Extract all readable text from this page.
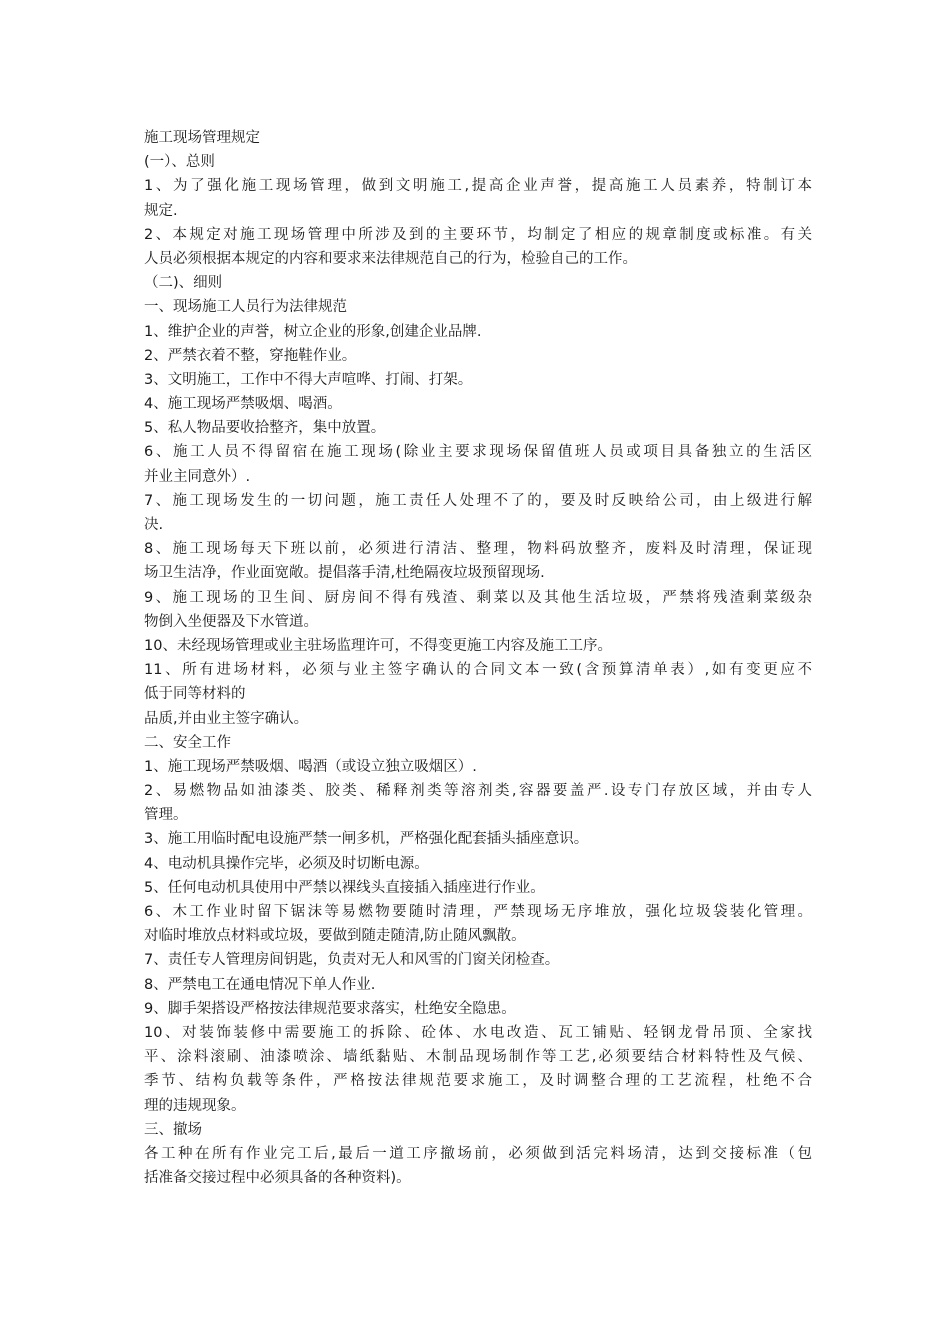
施工现场管理规定
(一）、总则
1、为了强化施工现场管理，做到文明施工,提高企业声誉，提高施工人员素养，特制订本
规定.
2、本规定对施工现场管理中所涉及到的主要环节，均制定了相应的规章制度或标准。有关
人员必须根据本规定的内容和要求来法律规范自己的行为，检验自己的工作。
（二)、细则
一、现场施工人员行为法律规范
1、维护企业的声誉，树立企业的形象,创建企业品牌.
2、严禁衣着不整，穿拖鞋作业。
3、文明施工，工作中不得大声喧哗、打闹、打架。
4、施工现场严禁吸烟、喝酒。
5、私人物品要收拾整齐，集中放置。
6、施工人员不得留宿在施工现场(除业主要求现场保留值班人员或项目具备独立的生活区
并业主同意外）.
7、施工现场发生的一切问题，施工责任人处理不了的，要及时反映给公司，由上级进行解
决.
8、施工现场每天下班以前，必须进行清洁、整理，物料码放整齐，废料及时清理，保证现
场卫生洁净，作业面宽敞。提倡落手清,杜绝隔夜垃圾预留现场.
9、施工现场的卫生间、厨房间不得有残渣、剩菜以及其他生活垃圾，严禁将残渣剩菜级杂
物倒入坐便器及下水管道。
10、未经现场管理或业主驻场监理许可，不得变更施工内容及施工工序。
11、所有进场材料，必须与业主签字确认的合同文本一致(含预算清单表）,如有变更应不
低于同等材料的
品质,并由业主签字确认。
二、安全工作
1、施工现场严禁吸烟、喝酒（或设立独立吸烟区）.
2、易燃物品如油漆类、胶类、稀释剂类等溶剂类,容器要盖严.设专门存放区域，并由专人
管理。
3、施工用临时配电设施严禁一闸多机，严格强化配套插头插座意识。
4、电动机具操作完毕，必须及时切断电源。
5、任何电动机具使用中严禁以裸线头直接插入插座进行作业。
6、木工作业时留下锯沫等易燃物要随时清理，严禁现场无序堆放，强化垃圾袋装化管理。
对临时堆放点材料或垃圾，要做到随走随清,防止随风飘散。
7、责任专人管理房间钥匙，负责对无人和风雪的门窗关闭检查。
8、严禁电工在通电情况下单人作业.
9、脚手架搭设严格按法律规范要求落实，杜绝安全隐患。
10、对装饰装修中需要施工的拆除、砼体、水电改造、瓦工铺贴、轻钢龙骨吊顶、全家找
平、涂料滚刷、油漆喷涂、墙纸黏贴、木制品现场制作等工艺,必须要结合材料特性及气候、
季节、结构负载等条件，严格按法律规范要求施工，及时调整合理的工艺流程，杜绝不合
理的违规现象。
三、撤场
各工种在所有作业完工后,最后一道工序撤场前，必须做到活完料场清，达到交接标准（包
括准备交接过程中必须具备的各种资料)。
